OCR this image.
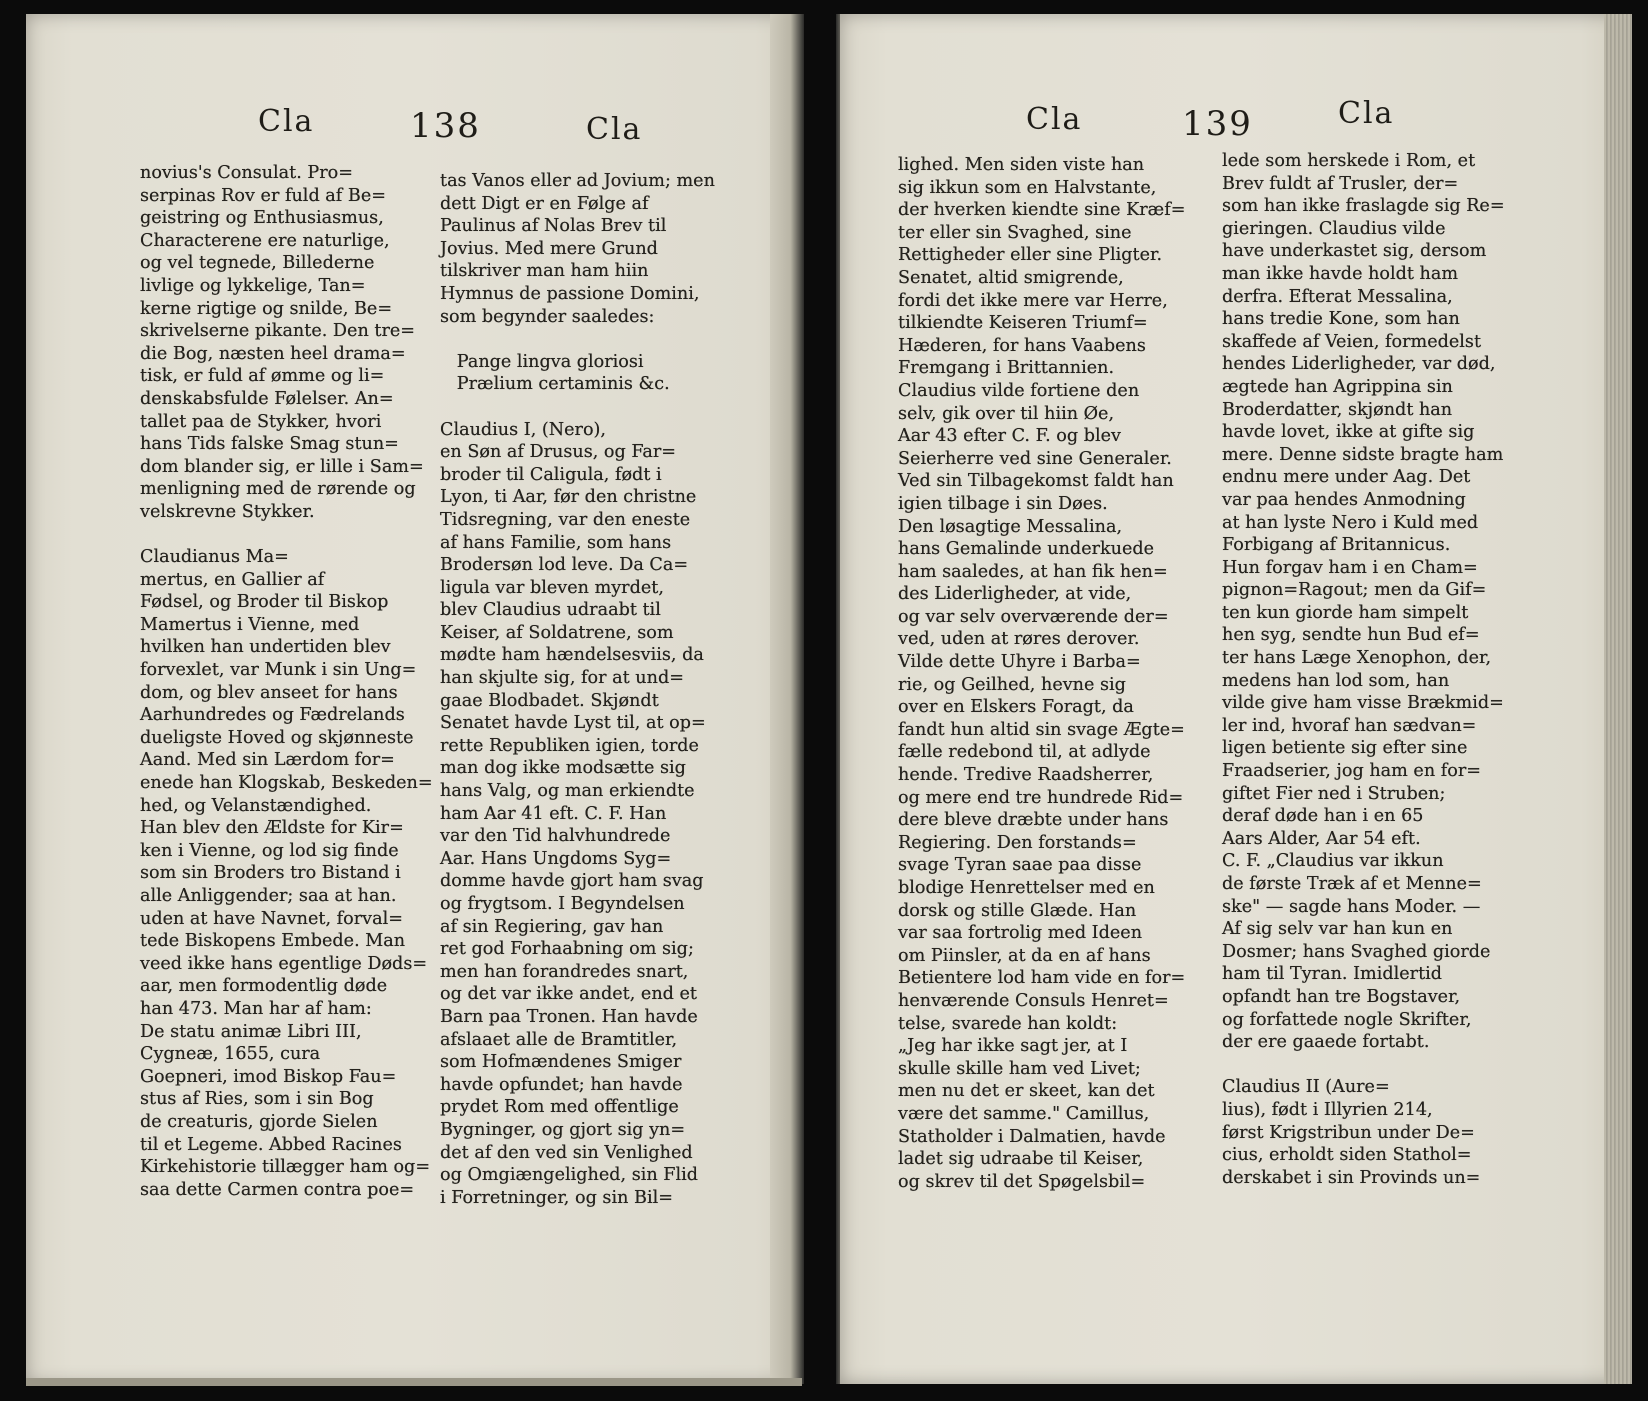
Cla	138	Cla
novius's Consulat. Pro=
serpinas Rov er fuld af Be=
geistring og Enthusiasmus,
Characterene ere naturlige,
og vel tegnede, Billederne
livlige og lykkelige, Tan=
kerne rigtige og snilde, Be=
skrivelserne pikante. Den tre=
die Bog, næsten heel drama=
tisk, er fuld af ømme og li=
denskabsfulde Følelser. An=
tallet paa de Stykker, hvori
hans Tids falske Smag stun=
dom blander sig, er lille i Sam=
menligning med de rørende og
velskrevne Stykker.

Claudianus Ma=
mertus, en Gallier af
Fødsel, og Broder til Biskop
Mamertus i Vienne, med
hvilken han undertiden blev
forvexlet, var Munk i sin Ung=
dom, og blev anseet for hans
Aarhundredes og Fædrelands
duеligste Hoved og skjønneste
Aand. Med sin Lærdom for=
enede han Klogskab, Beskeden=
hed, og Velanstændighed.
Han blev den Ældste for Kir=
ken i Vienne, og lod sig finde
som sin Broders tro Bistand i
alle Anliggender; saa at han.
uden at have Navnet, forval=
tede Biskopens Embede. Man
veed ikke hans egentlige Døds=
aar, men formodentlig døde
han 473. Man har af ham:
De statu animæ Libri III,
Cygneæ, 1655, cura
Goepneri, imod Biskop Fau=
stus af Ries, som i sin Bog
de creaturis, gjorde Sielen
til et Legeme. Abbed Racines
Kirkehistorie tillægger ham og=
saa dette Carmen contra poe=
tas Vanos eller ad Jovium; men
dett Digt er en Følge af
Paulinus af Nolas Brev til
Jovius. Med mere Grund
tilskriver man ham hiin
Hymnus de passione Domini,
som begynder saaledes:

Pange lingva gloriosi
Prælium certaminis &c.

Claudius I, (Nero),
en Søn af Drusus, og Far=
broder til Caligula, født i
Lyon, ti Aar, før den christne
Tidsregning, var den eneste
af hans Familie, som hans
Brodersøn lod leve. Da Ca=
ligula var bleven myrdet,
blev Claudius udraabt til
Keiser, af Soldatrene, som
mødte ham hændelsesviis, da
han skjulte sig, for at und=
gaae Blodbadet. Skjøndt
Senatet havde Lyst til, at op=
rette Republiken igien, torde
man dog ikke modsætte sig
hans Valg, og man erkiendte
ham Aar 41 eft. C. F. Han
var den Tid halvhundrede
Aar. Hans Ungdoms Syg=
domme havde gjort ham svag
og frygtsom. I Begyndelsen
af sin Regiering, gav han
ret god Forhaabning om sig;
men han forandredes snart,
og det var ikke andet, end et
Barn paa Tronen. Han havde
afslaaet alle de Bramtitler,
som Hofmændenes Smiger
havde opfundet; han havde
prydet Rom med offentlige
Bygninger, og gjort sig yn=
det af den ved sin Venlighed
og Omgiængelighed, sin Flid
i Forretninger, og sin Bil=
Cla	139	Cla
lighed. Men siden viste han
sig ikkun som en Halvstante,
der hverken kiendte sine Kræf=
ter eller sin Svaghed, sine
Rettigheder eller sine Pligter.
Senatet, altid smigrende,
fordi det ikke mere var Herre,
tilkiendte Keiseren Triumf=
Hæderen, for hans Vaabens
Fremgang i Brittannien.
Claudius vilde fortiene den
selv, gik over til hiin Øe,
Aar 43 efter C. F. og blev
Seierherre ved sine Generaler.
Ved sin Tilbagekomst faldt han
igien tilbage i sin Døes.
Den løsagtige Messalina,
hans Gemalinde underkuede
ham saaledes, at han fik hen=
des Liderligheder, at vide,
og var selv overværende der=
ved, uden at røres derover.
Vilde dette Uhyre i Barba=
rie, og Geilhed, hevne sig
over en Elskers Foragt, da
fandt hun altid sin svage Ægte=
fælle redebond til, at adlyde
hende. Tredive Raadsherrer,
og mere end tre hundrede Rid=
dere bleve dræbte under hans
Regiering. Den forstands=
svage Tyran saae paa disse
blodige Henrettelser med en
dorsk og stille Glæde. Han
var saa fortrolig med Ideen
om Piinsler, at da en af hans
Betientere lod ham vide en for=
henværende Consuls Henret=
telse, svarede han koldt:
„Jeg har ikke sagt jer, at I
skulle skille ham ved Livet;
men nu det er skeet, kan det
være det samme." Camillus,
Statholder i Dalmatien, havde
ladet sig udraabe til Keiser,
og skrev til det Spøgelsbil=
lede som herskede i Rom, et
Brev fuldt af Trusler, der=
som han ikke fraslagde sig Re=
gieringen. Claudius vilde
have underkastet sig, dersom
man ikke havde holdt ham
derfra. Efterat Messalina,
hans tredie Kone, som han
skaffede af Veien, formedelst
hendes Liderligheder, var død,
ægtede han Agrippina sin
Broderdatter, skjøndt han
havde lovet, ikke at gifte sig
mere. Denne sidste bragte ham
endnu mere under Aag. Det
var paa hendes Anmodning
at han lyste Nero i Kuld med
Forbigang af Britannicus.
Hun forgav ham i en Cham=
pignon=Ragout; men da Gif=
ten kun giorde ham simpelt
hen syg, sendte hun Bud ef=
ter hans Læge Xenophon, der,
medens han lod som, han
vilde give ham visse Brækmid=
ler ind, hvoraf han sædvan=
ligen betiente sig efter sine
Fraadserier, jog ham en for=
giftet Fier ned i Struben;
deraf døde han i en 65
Aars Alder, Aar 54 eft.
C. F. „Claudius var ikkun
de første Træk af et Menne=
ske" — sagde hans Moder. —
Af sig selv var han kun en
Dosmer; hans Svaghed giorde
ham til Tyran. Imidlertid
opfandt han tre Bogstaver,
og forfattede nogle Skrifter,
der ere gaaede fortabt.

Claudius II (Aure=
lius), født i Illyrien 214,
først Krigstribun under De=
cius, erholdt siden Stathol=
derskabet i sin Provinds un=
